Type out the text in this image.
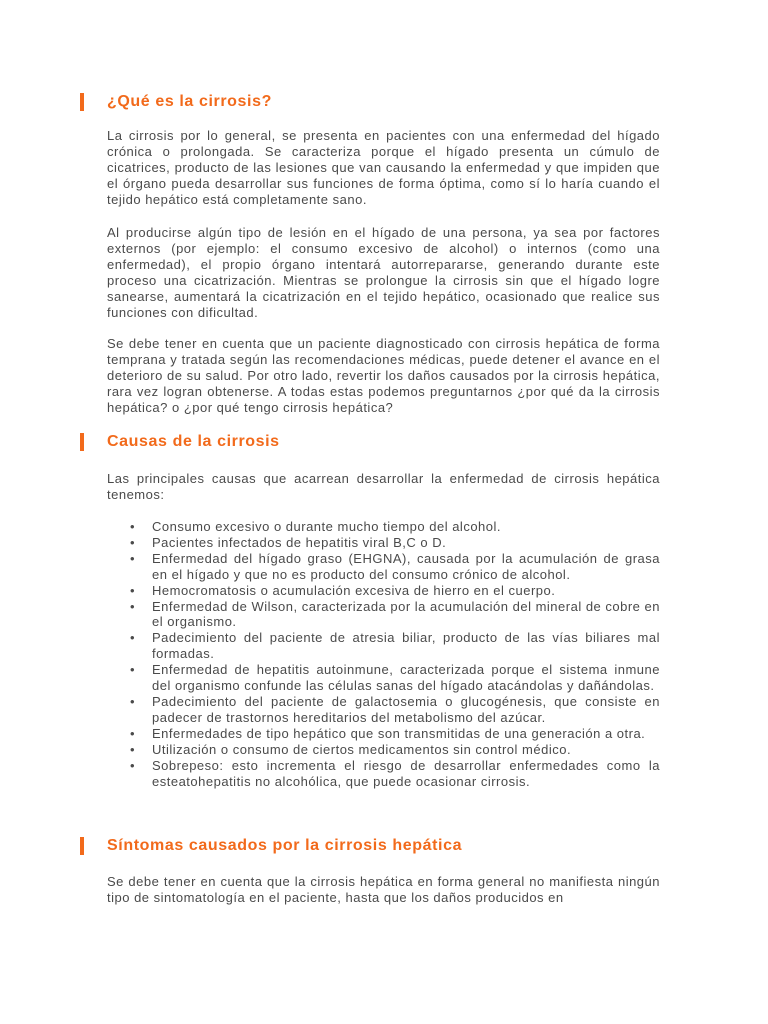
¿Qué es la cirrosis?

La cirrosis por lo general, se presenta en pacientes con una enfermedad del hígado crónica o prolongada. Se caracteriza porque el hígado presenta un cúmulo de cicatrices, producto de las lesiones que van causando la enfermedad y que impiden que el órgano pueda desarrollar sus funciones de forma óptima, como sí lo haría cuando el tejido hepático está completamente sano.

Al producirse algún tipo de lesión en el hígado de una persona, ya sea por factores externos (por ejemplo: el consumo excesivo de alcohol) o internos (como una enfermedad), el propio órgano intentará autorrepararse, generando durante este proceso una cicatrización. Mientras se prolongue la cirrosis sin que el hígado logre sanearse, aumentará la cicatrización en el tejido hepático, ocasionado que realice sus funciones con dificultad.

Se debe tener en cuenta que un paciente diagnosticado con cirrosis hepática de forma temprana y tratada según las recomendaciones médicas, puede detener el avance en el deterioro de su salud. Por otro lado, revertir los daños causados por la cirrosis hepática, rara vez logran obtenerse. A todas estas podemos preguntarnos ¿por qué da la cirrosis hepática? o ¿por qué tengo cirrosis hepática?

Causas de la cirrosis

Las principales causas que acarrean desarrollar la enfermedad de cirrosis hepática tenemos:

• Consumo excesivo o durante mucho tiempo del alcohol.
• Pacientes infectados de hepatitis viral B,C o D.
• Enfermedad del hígado graso (EHGNA), causada por la acumulación de grasa en el hígado y que no es producto del consumo crónico de alcohol.
• Hemocromatosis o acumulación excesiva de hierro en el cuerpo.
• Enfermedad de Wilson, caracterizada por la acumulación del mineral de cobre en el organismo.
• Padecimiento del paciente de atresia biliar, producto de las vías biliares mal formadas.
• Enfermedad de hepatitis autoinmune, caracterizada porque el sistema inmune del organismo confunde las células sanas del hígado atacándolas y dañándolas.
• Padecimiento del paciente de galactosemia o glucogénesis, que consiste en padecer de trastornos hereditarios del metabolismo del azúcar.
• Enfermedades de tipo hepático que son transmitidas de una generación a otra.
• Utilización o consumo de ciertos medicamentos sin control médico.
• Sobrepeso: esto incrementa el riesgo de desarrollar enfermedades como la esteatohepatitis no alcohólica, que puede ocasionar cirrosis.
Síntomas causados por la cirrosis hepática

Se debe tener en cuenta que la cirrosis hepática en forma general no manifiesta ningún tipo de sintomatología en el paciente, hasta que los daños producidos en
